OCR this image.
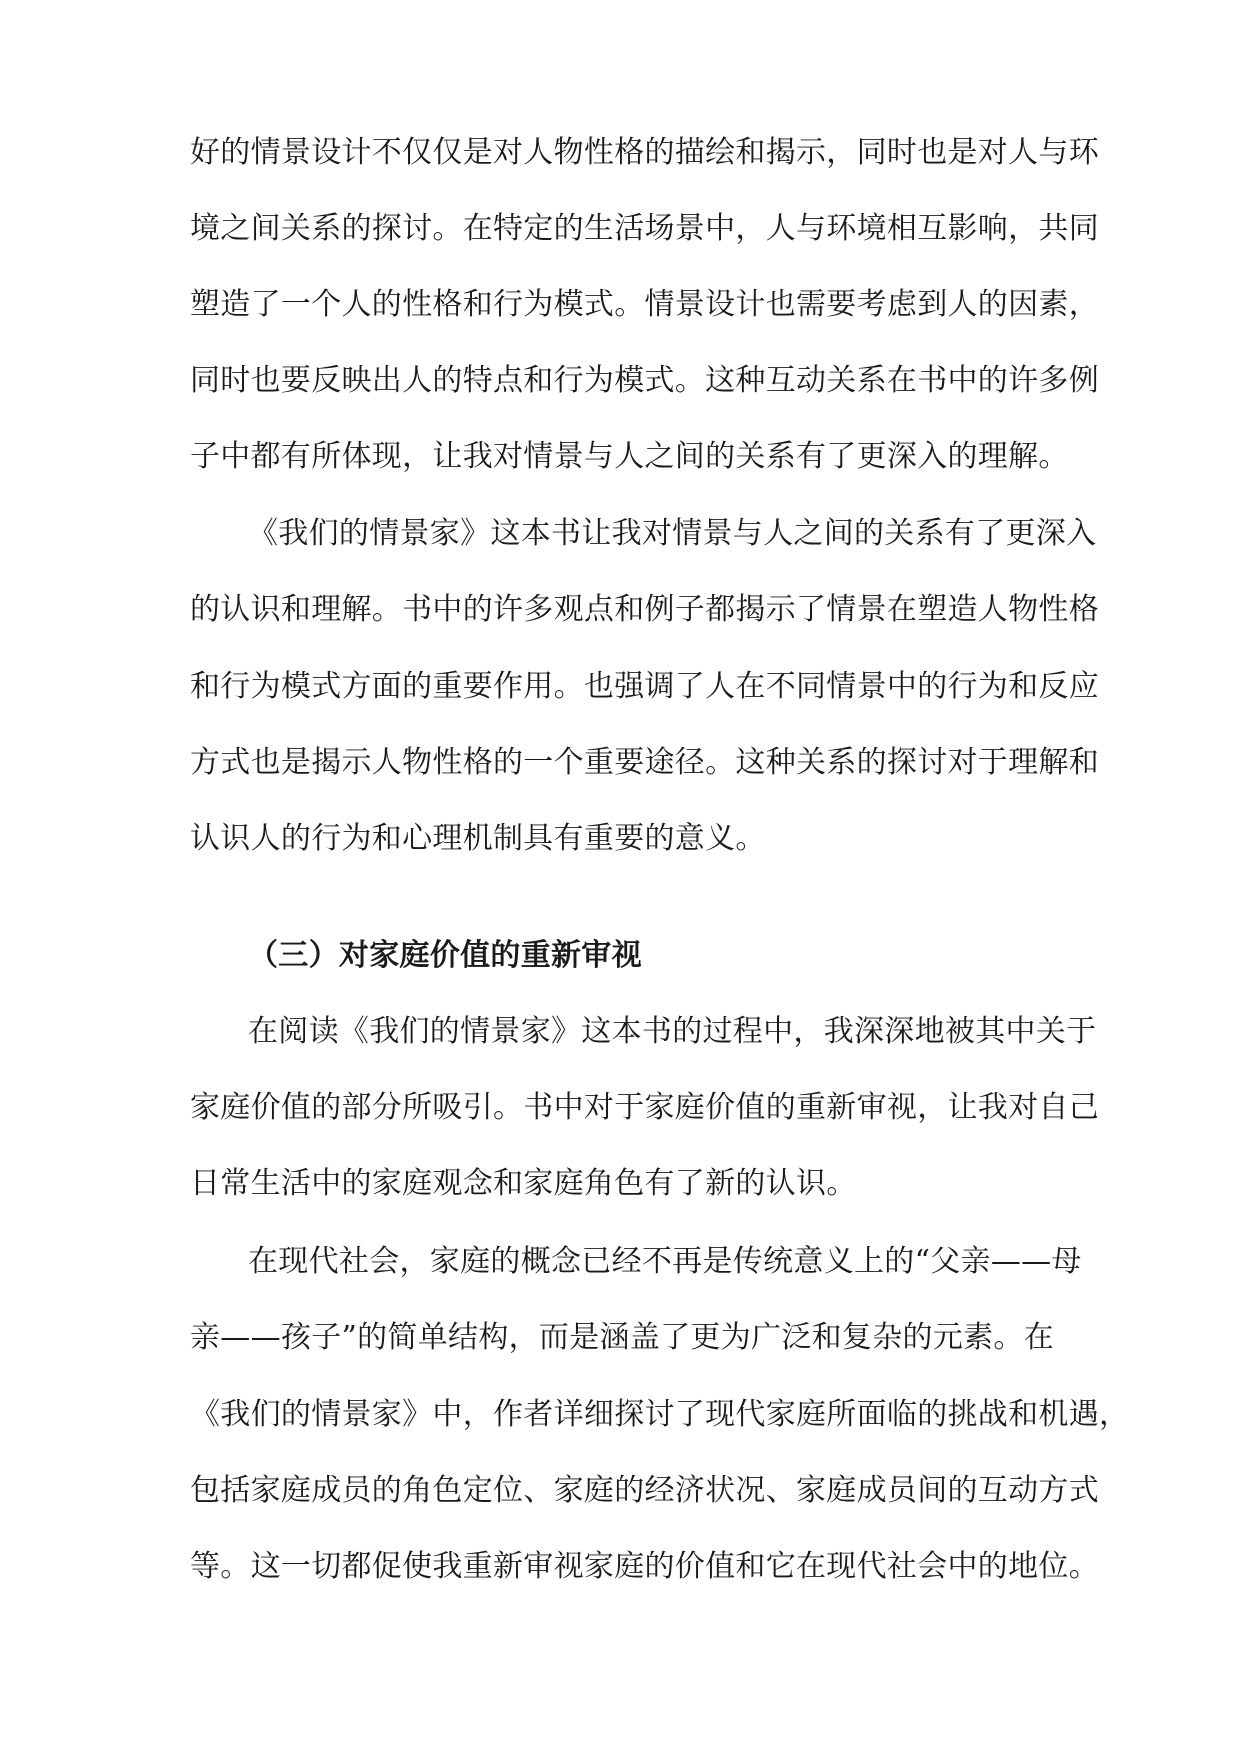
好的情景设计不仅仅是对人物性格的描绘和揭示，同时也是对人与环
境之间关系的探讨。在特定的生活场景中，人与环境相互影响，共同
塑造了一个人的性格和行为模式。情景设计也需要考虑到人的因素，
同时也要反映出人的特点和行为模式。这种互动关系在书中的许多例
子中都有所体现，让我对情景与人之间的关系有了更深入的理解。
《我们的情景家》这本书让我对情景与人之间的关系有了更深入
的认识和理解。书中的许多观点和例子都揭示了情景在塑造人物性格
和行为模式方面的重要作用。也强调了人在不同情景中的行为和反应
方式也是揭示人物性格的一个重要途径。这种关系的探讨对于理解和
认识人的行为和心理机制具有重要的意义。
（三）对家庭价值的重新审视
在阅读《我们的情景家》这本书的过程中，我深深地被其中关于
家庭价值的部分所吸引。书中对于家庭价值的重新审视，让我对自己
日常生活中的家庭观念和家庭角色有了新的认识。
在现代社会，家庭的概念已经不再是传统意义上的“父亲——母
亲——孩子”的简单结构，而是涵盖了更为广泛和复杂的元素。在
《我们的情景家》中，作者详细探讨了现代家庭所面临的挑战和机遇，
包括家庭成员的角色定位、家庭的经济状况、家庭成员间的互动方式
等。这一切都促使我重新审视家庭的价值和它在现代社会中的地位。
